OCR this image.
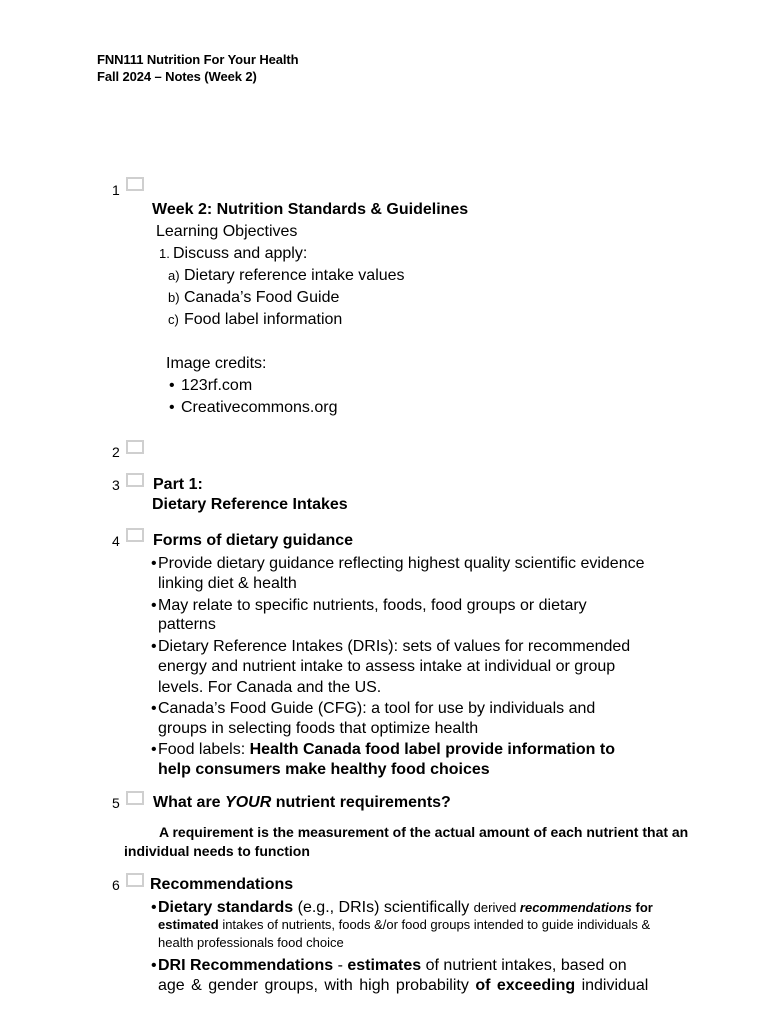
FNN111 Nutrition For Your Health
Fall 2024 – Notes (Week 2)
1
Week 2: Nutrition Standards & Guidelines
Learning Objectives
1. Discuss and apply:
a) Dietary reference intake values
b) Canada’s Food Guide
c) Food label information
Image credits:
• 123rf.com
• Creativecommons.org
2
3 Part 1:
Dietary Reference Intakes
4 Forms of dietary guidance
•Provide dietary guidance reflecting highest quality scientific evidence
linking diet & health
•May relate to specific nutrients, foods, food groups or dietary
patterns
•Dietary Reference Intakes (DRIs): sets of values for recommended
energy and nutrient intake to assess intake at individual or group
levels. For Canada and the US.
•Canada’s Food Guide (CFG): a tool for use by individuals and
groups in selecting foods that optimize health
•Food labels: Health Canada food label provide information to
help consumers make healthy food choices
5 What are YOUR nutrient requirements?
A requirement is the measurement of the actual amount of each nutrient that an
individual needs to function
6 Recommendations
•Dietary standards (e.g., DRIs) scientifically derived recommendations for
estimated intakes of nutrients, foods &/or food groups intended to guide individuals &
health professionals food choice
•DRI Recommendations - estimates of nutrient intakes, based on
age & gender groups, with high probability of exceeding individual
